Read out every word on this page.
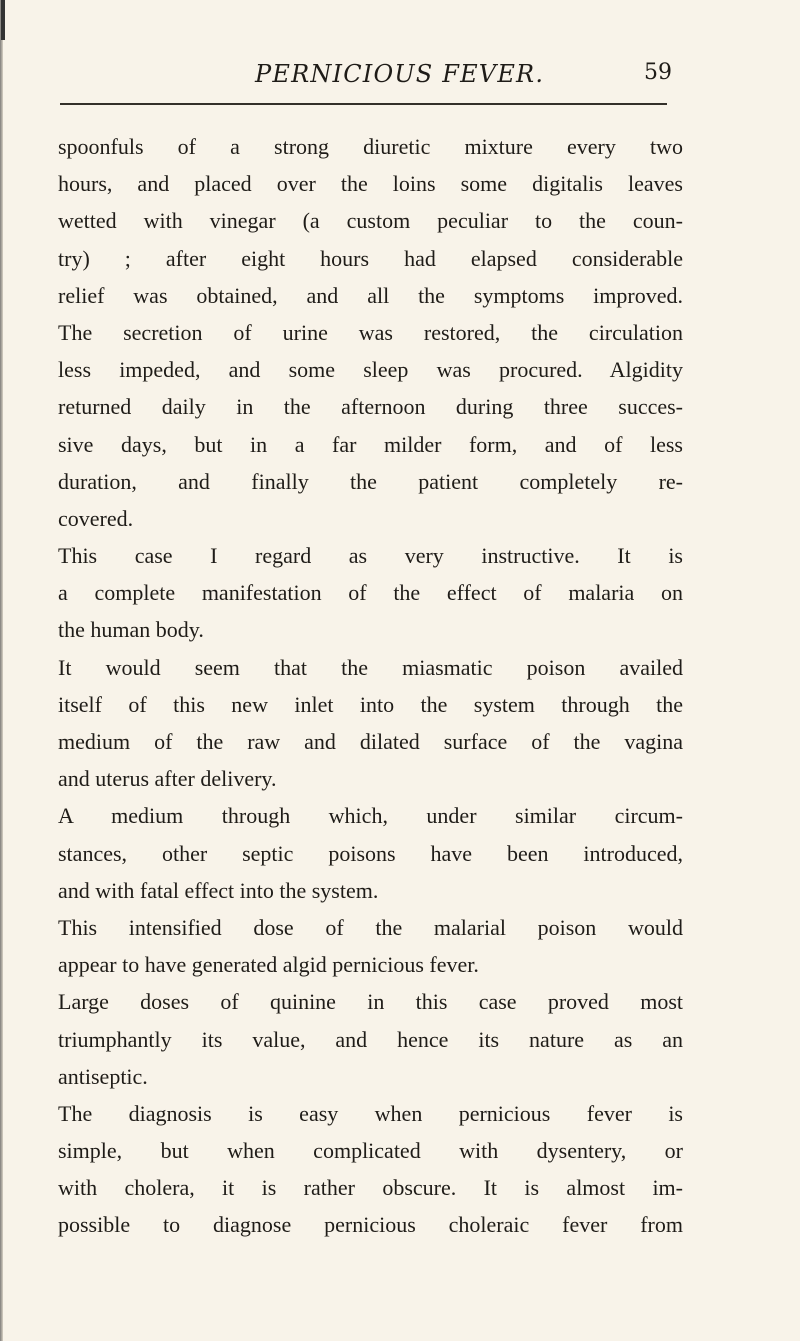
PERNICIOUS FEVER.	59
spoonfuls of a strong diuretic mixture every two
hours, and placed over the loins some digitalis leaves
wetted with vinegar (a custom peculiar to the coun-
try) ; after eight hours had elapsed considerable
relief was obtained, and all the symptoms improved.
The secretion of urine was restored, the circulation
less impeded, and some sleep was procured. Algidity
returned daily in the afternoon during three succes-
sive days, but in a far milder form, and of less
duration, and finally the patient completely re-
covered.
This case I regard as very instructive. It is
a complete manifestation of the effect of malaria on
the human body.
It would seem that the miasmatic poison availed
itself of this new inlet into the system through the
medium of the raw and dilated surface of the vagina
and uterus after delivery.
A medium through which, under similar circum-
stances, other septic poisons have been introduced,
and with fatal effect into the system.
This intensified dose of the malarial poison would
appear to have generated algid pernicious fever.
Large doses of quinine in this case proved most
triumphantly its value, and hence its nature as an
antiseptic.
The diagnosis is easy when pernicious fever is
simple, but when complicated with dysentery, or
with cholera, it is rather obscure. It is almost im-
possible to diagnose pernicious choleraic fever from
